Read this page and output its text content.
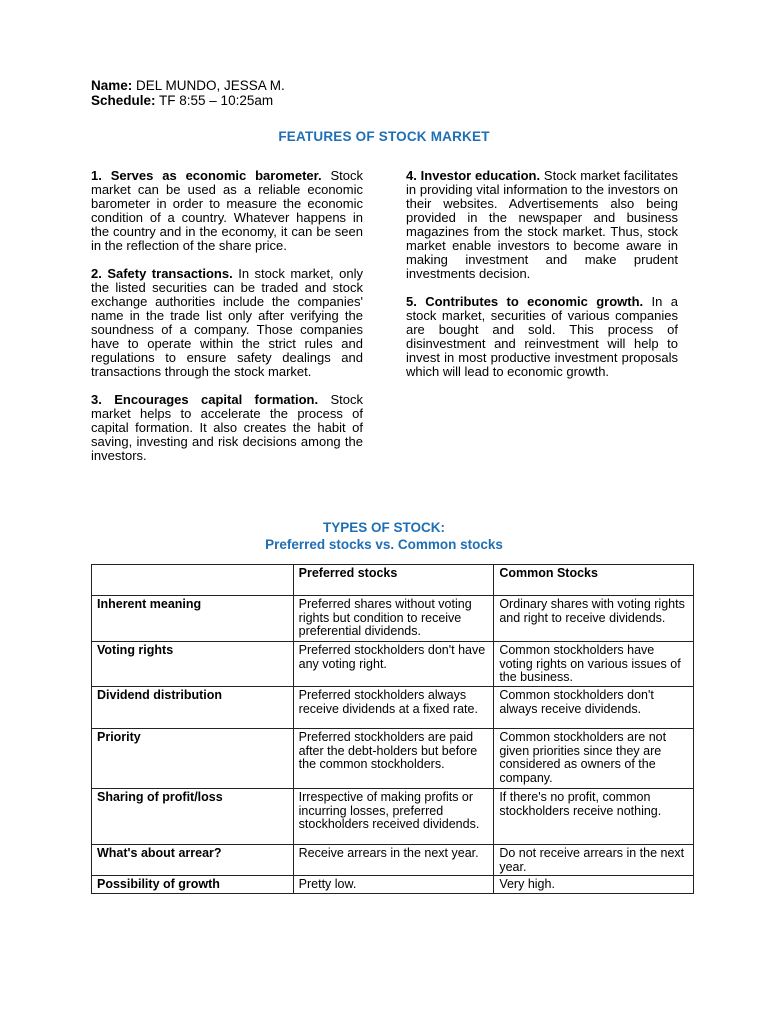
Name: DEL MUNDO, JESSA M.
Schedule: TF 8:55 – 10:25am
FEATURES OF STOCK MARKET

1. Serves as economic barometer. Stock market can be used as a reliable economic barometer in order to measure the economic condition of a country. Whatever happens in the country and in the economy, it can be seen in the reflection of the share price.

2. Safety transactions. In stock market, only the listed securities can be traded and stock exchange authorities include the companies' name in the trade list only after verifying the soundness of a company. Those companies have to operate within the strict rules and regulations to ensure safety dealings and transactions through the stock market.

3. Encourages capital formation. Stock market helps to accelerate the process of capital formation. It also creates the habit of saving, investing and risk decisions among the investors.

4. Investor education. Stock market facilitates in providing vital information to the investors on their websites. Advertisements also being provided in the newspaper and business magazines from the stock market. Thus, stock market enable investors to become aware in making investment and make prudent investments decision.

5. Contributes to economic growth. In a stock market, securities of various companies are bought and sold. This process of disinvestment and reinvestment will help to invest in most productive investment proposals which will lead to economic growth.

TYPES OF STOCK:
Preferred stocks vs. Common stocks
	Preferred stocks	Common Stocks
Inherent meaning	Preferred shares without voting rights but condition to receive preferential dividends.	Ordinary shares with voting rights and right to receive dividends.
Voting rights	Preferred stockholders don't have any voting right.	Common stockholders have voting rights on various issues of the business.
Dividend distribution	Preferred stockholders always receive dividends at a fixed rate.	Common stockholders don't always receive dividends.
Priority	Preferred stockholders are paid after the debt-holders but before the common stockholders.	Common stockholders are not given priorities since they are considered as owners of the company.
Sharing of profit/loss	Irrespective of making profits or incurring losses, preferred stockholders received dividends.	If there's no profit, common stockholders receive nothing.
What's about arrear?	Receive arrears in the next year.	Do not receive arrears in the next year.
Possibility of growth	Pretty low.	Very high.
